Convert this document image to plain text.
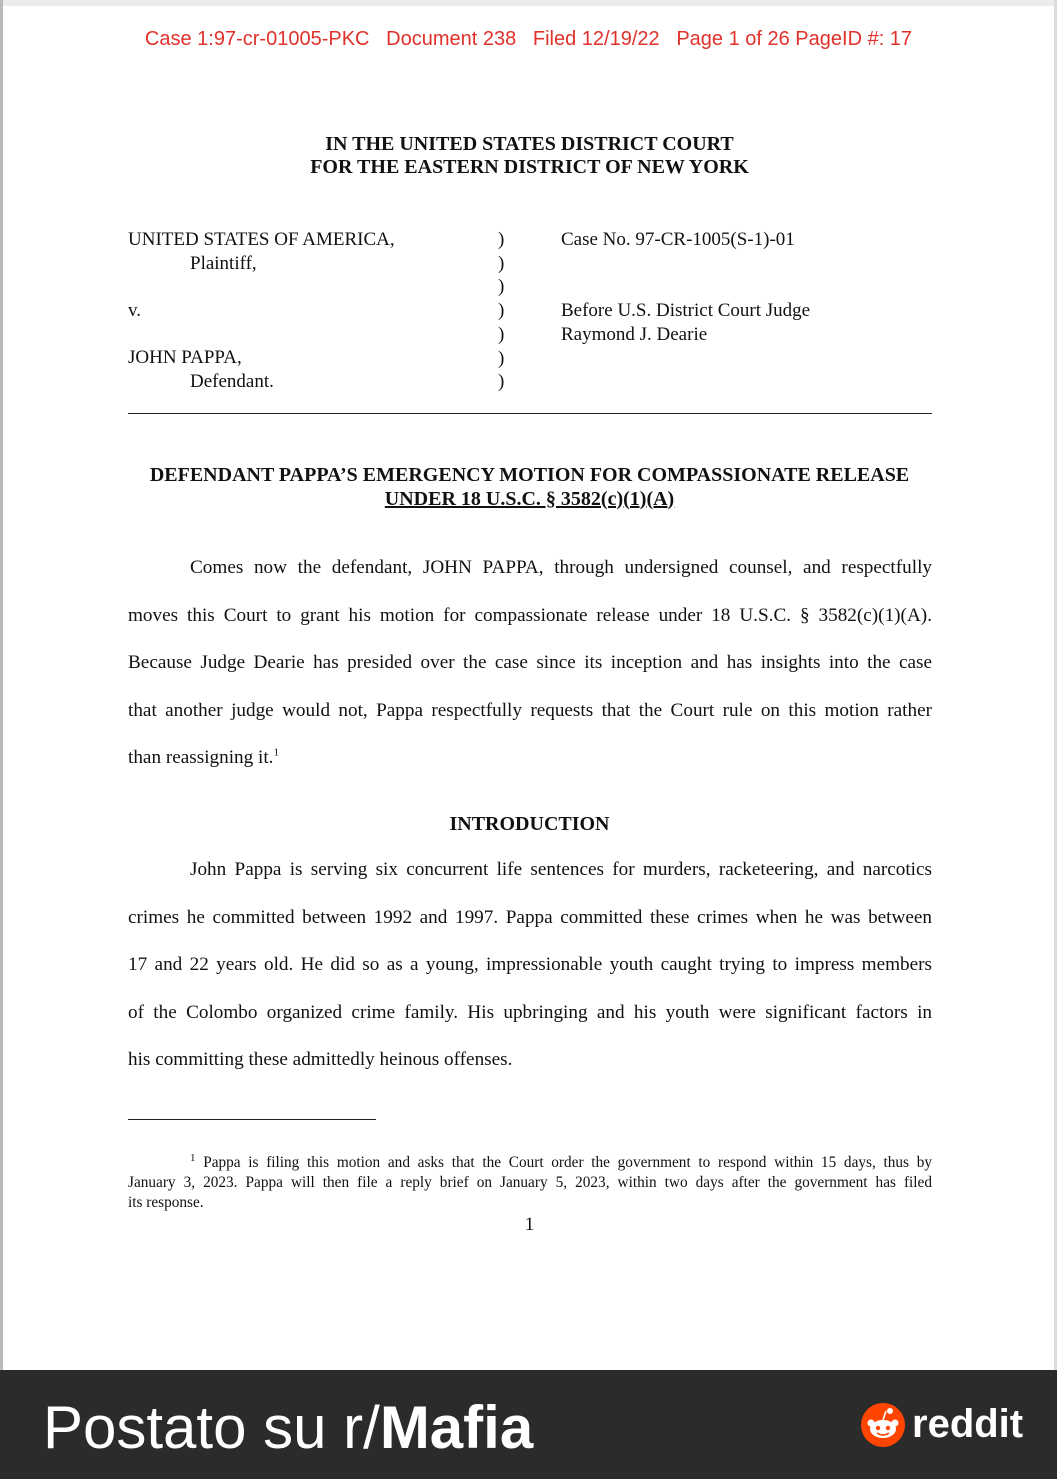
Case 1:97-cr-01005-PKC   Document 238   Filed 12/19/22   Page 1 of 26 PageID #: 17
IN THE UNITED STATES DISTRICT COURT
FOR THE EASTERN DISTRICT OF NEW YORK
UNITED STATES OF AMERICA,
Plaintiff,
v.
JOHN PAPPA,
Defendant.
)
)
)
)
)
)
)
Case No. 97-CR-1005(S-1)-01
Before U.S. District Court Judge
Raymond J. Dearie
DEFENDANT PAPPA’S EMERGENCY MOTION FOR COMPASSIONATE RELEASE
UNDER 18 U.S.C. § 3582(c)(1)(A)
Comes now the defendant, JOHN PAPPA, through undersigned counsel, and respectfully
moves this Court to grant his motion for compassionate release under 18 U.S.C. § 3582(c)(1)(A).
Because Judge Dearie has presided over the case since its inception and has insights into the case
that another judge would not, Pappa respectfully requests that the Court rule on this motion rather
than reassigning it.$^1$
INTRODUCTION
John Pappa is serving six concurrent life sentences for murders, racketeering, and narcotics
crimes he committed between 1992 and 1997. Pappa committed these crimes when he was between
17 and 22 years old. He did so as a young, impressionable youth caught trying to impress members
of the Colombo organized crime family. His upbringing and his youth were significant factors in
his committing these admittedly heinous offenses.
$^1$ Pappa is filing this motion and asks that the Court order the government to respond within 15 days, thus by
January 3, 2023. Pappa will then file a reply brief on January 5, 2023, within two days after the government has filed
its response.
1
Postato su r/Mafia	reddit
